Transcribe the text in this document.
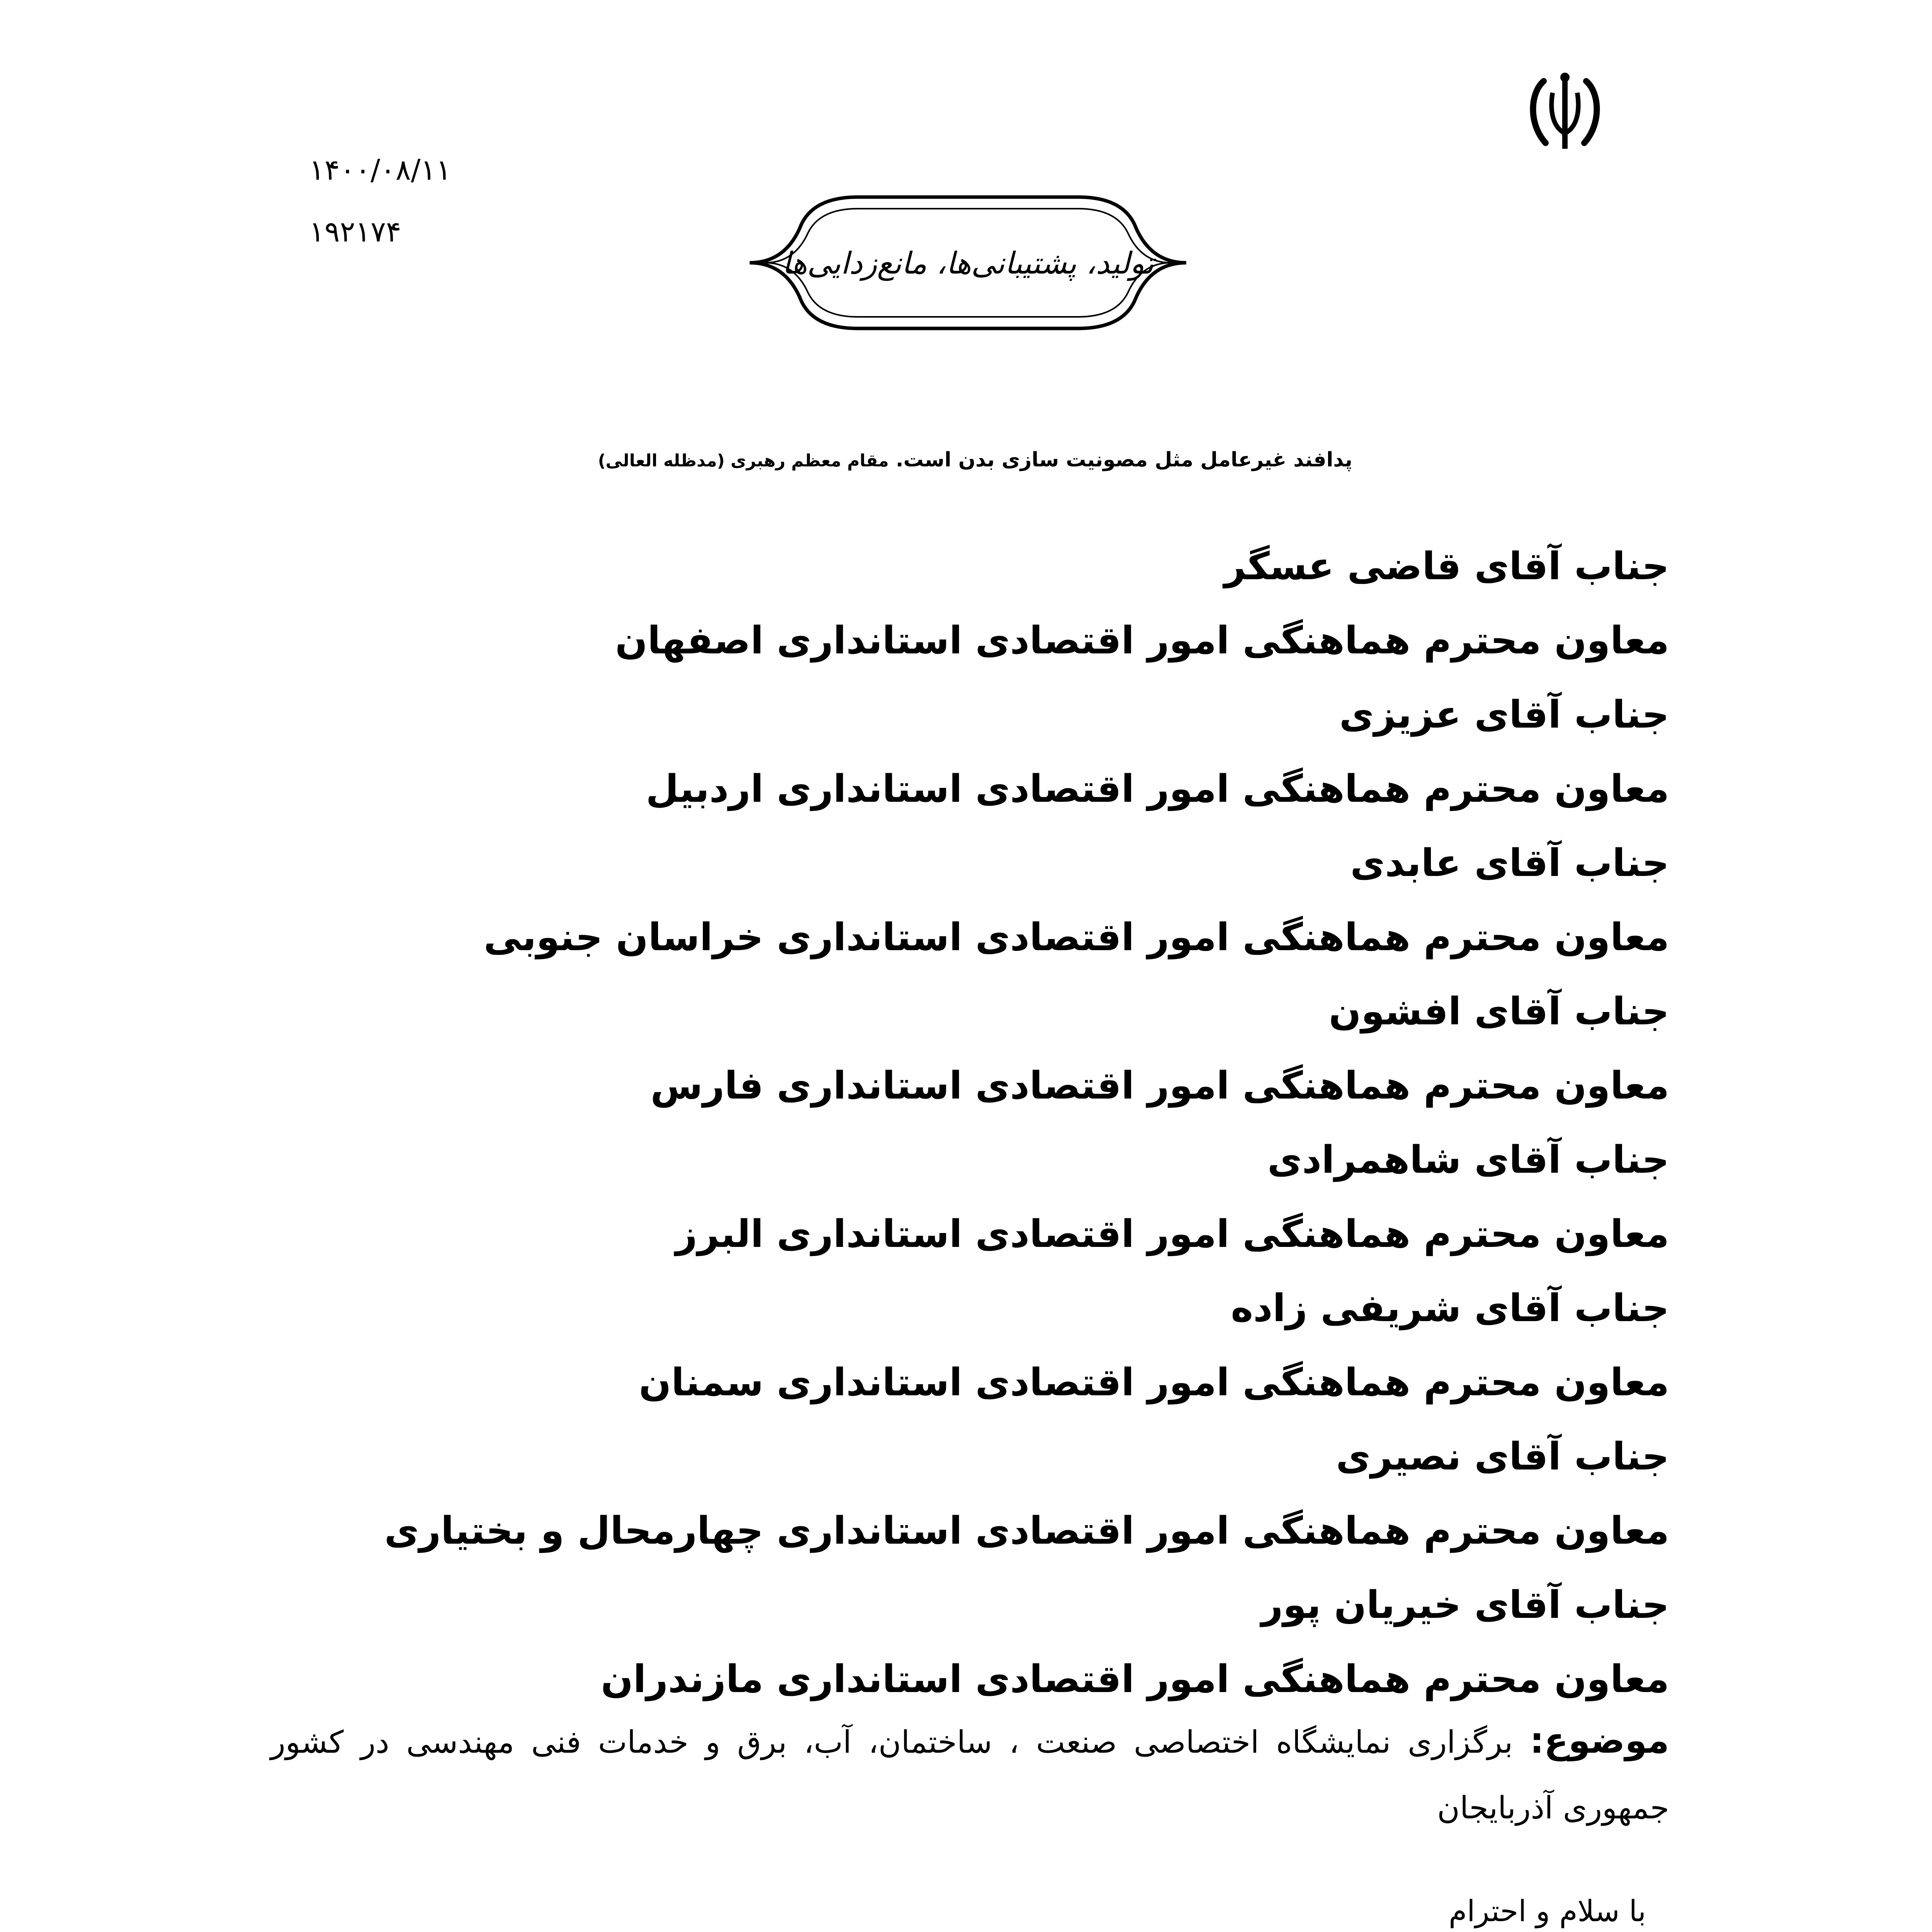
۱۴۰۰/۰۸/۱۱
۱۹۲۱۷۴
تولید، پشتیبانی‌ها، مانع‌زدایی‌ها
پدافند غیرعامل مثل مصونیت سازی بدن است. مقام معظم رهبری (مدظله العالی)
جناب آقای قاضی عسگر
معاون محترم هماهنگی امور اقتصادی استانداری اصفهان
جناب آقای عزیزی
معاون محترم هماهنگی امور اقتصادی استانداری اردبیل
جناب آقای عابدی
معاون محترم هماهنگی امور اقتصادی استانداری خراسان جنوبی
جناب آقای افشون
معاون محترم هماهنگی امور اقتصادی استانداری فارس
جناب آقای شاهمرادی
معاون محترم هماهنگی امور اقتصادی استانداری البرز
جناب آقای شریفی زاده
معاون محترم هماهنگی امور اقتصادی استانداری سمنان
جناب آقای نصیری
معاون محترم هماهنگی امور اقتصادی استانداری چهارمحال و بختیاری
جناب آقای خیریان پور
معاون محترم هماهنگی امور اقتصادی استانداری مازندران
موضوع: برگزاری نمایشگاه اختصاصی صنعت ، ساختمان، آب، برق و خدمات فنی مهندسی در کشور جمهوری آذربایجان
با سلام و احترام
